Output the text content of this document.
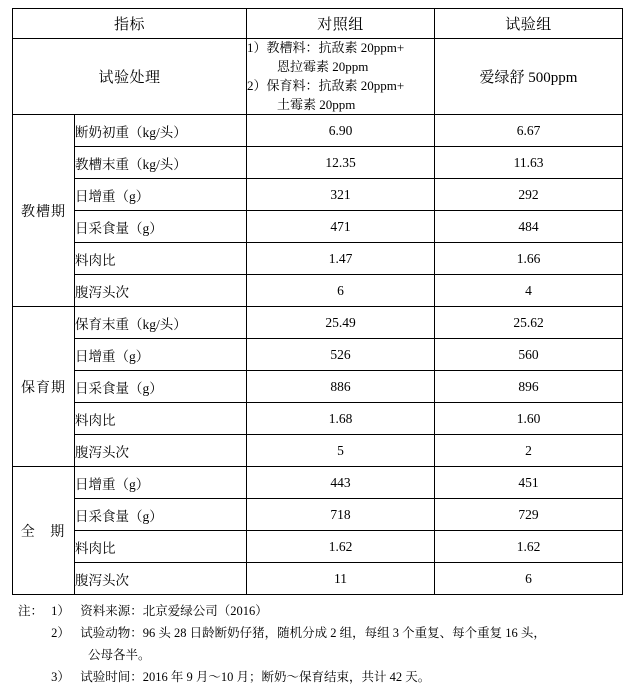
指标		对照组	试验组
试验处理		1）教槽料：抗敌素 20ppm+ 恩拉霉素 20ppm 2）保育料：抗敌素 20ppm+ 土霉素 20ppm	爱绿舒 500ppm
教槽期	断奶初重（kg/头）	6.90	6.67
	教槽末重（kg/头）	12.35	11.63
	日增重（g）	321	292
	日采食量（g）	471	484
	料肉比	1.47	1.66
	腹泻头次	6	4
保育期	保育末重（kg/头）	25.49	25.62
	日增重（g）	526	560
	日采食量（g）	886	896
	料肉比	1.68	1.60
	腹泻头次	5	2
全 期	日增重（g）	443	451
	日采食量（g）	718	729
	料肉比	1.62	1.62
	腹泻头次	11	6
注： 1） 资料来源：北京爱绿公司（2016）
2） 试验动物：96 头 28 日龄断奶仔猪，随机分成 2 组，每组 3 个重复、每个重复 16 头，
公母各半。
3） 试验时间：2016 年 9 月～10 月；断奶～保育结束，共计 42 天。
